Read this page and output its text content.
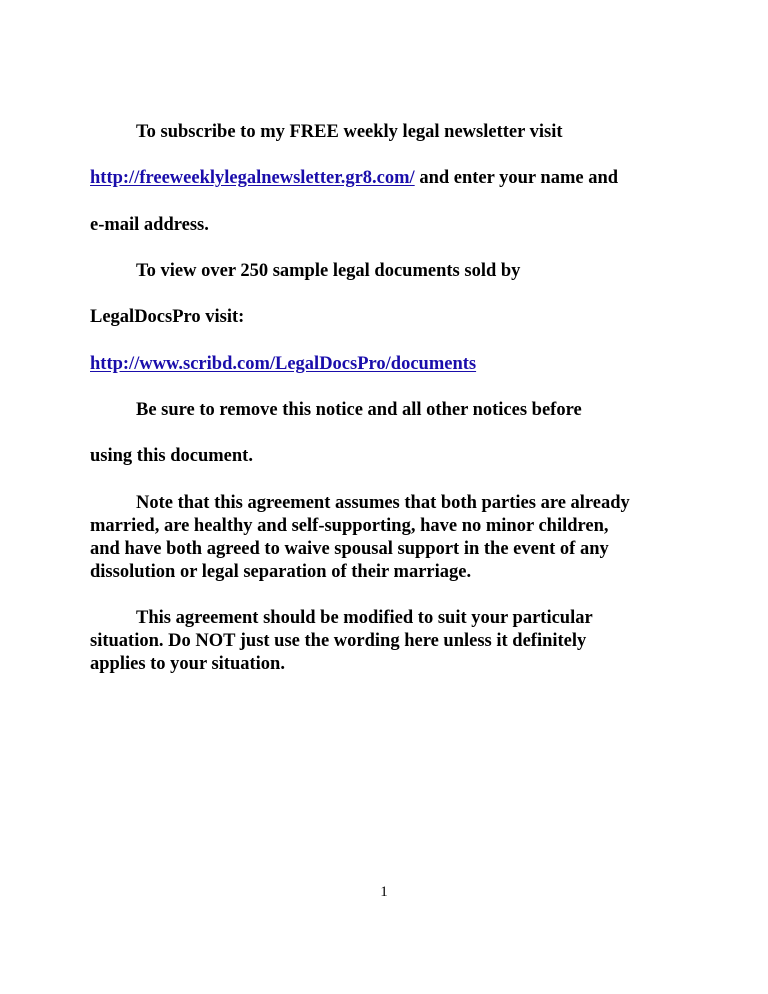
To subscribe to my FREE weekly legal newsletter visit
http://freeweeklylegalnewsletter.gr8.com/ and enter your name and
e-mail address.
To view over 250 sample legal documents sold by
LegalDocsPro visit:
http://www.scribd.com/LegalDocsPro/documents
Be sure to remove this notice and all other notices before
using this document.
Note that this agreement assumes that both parties are already
married, are healthy and self-supporting, have no minor children,
and have both agreed to waive spousal support in the event of any
dissolution or legal separation of their marriage.
This agreement should be modified to suit your particular
situation. Do NOT just use the wording here unless it definitely
applies to your situation.
1
